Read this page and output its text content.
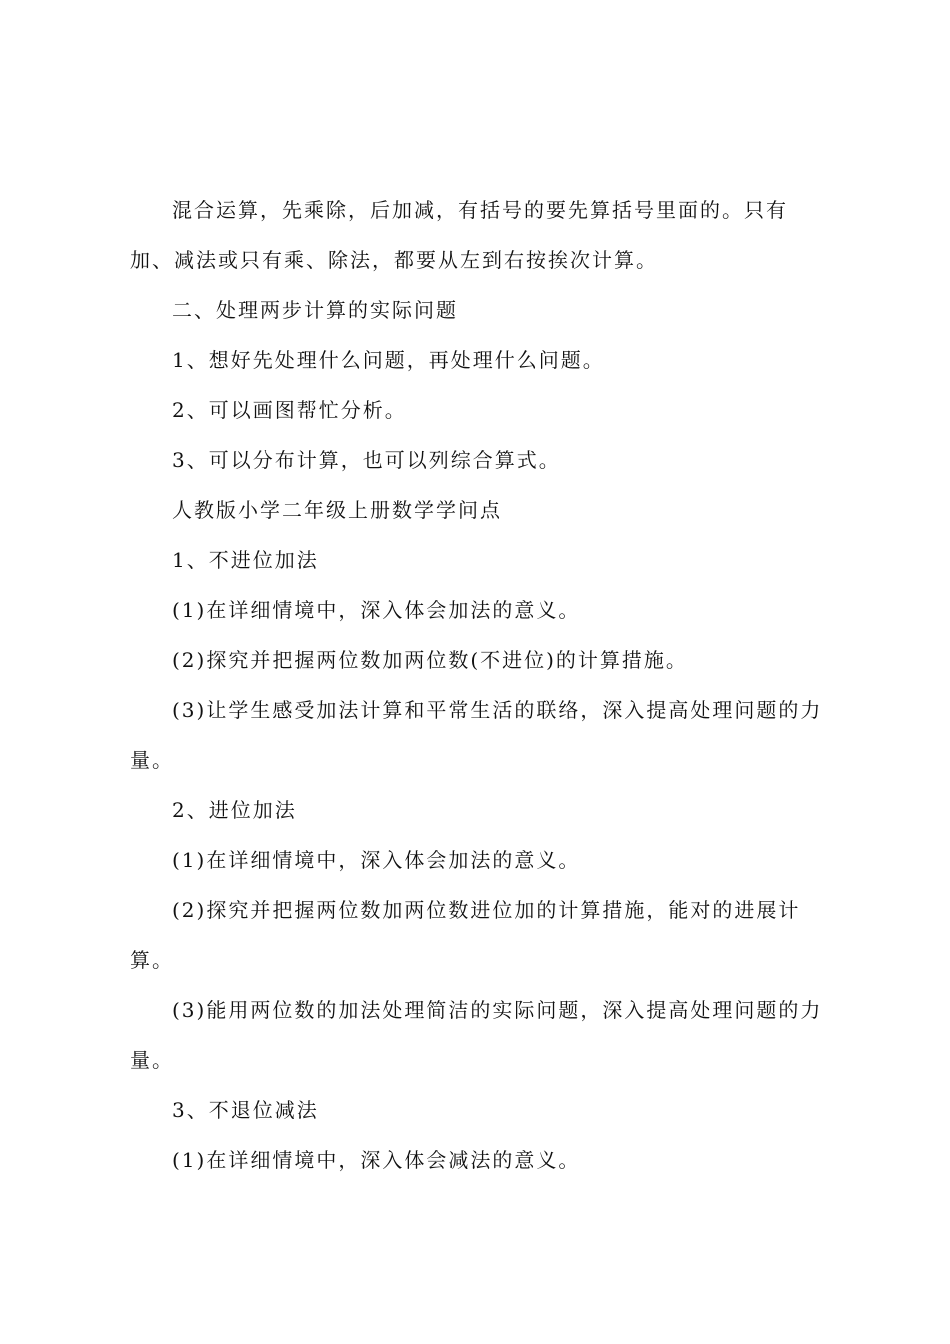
混合运算，先乘除，后加减，有括号的要先算括号里面的。只有
加、减法或只有乘、除法，都要从左到右按挨次计算。
二、处理两步计算的实际问题
1、想好先处理什么问题，再处理什么问题。
2、可以画图帮忙分析。
3、可以分布计算，也可以列综合算式。
人教版小学二年级上册数学学问点
1、不进位加法
(1)在详细情境中，深入体会加法的意义。
(2)探究并把握两位数加两位数(不进位)的计算措施。
(3)让学生感受加法计算和平常生活的联络，深入提高处理问题的力
量。
2、进位加法
(1)在详细情境中，深入体会加法的意义。
(2)探究并把握两位数加两位数进位加的计算措施，能对的进展计
算。
(3)能用两位数的加法处理简洁的实际问题，深入提高处理问题的力
量。
3、不退位减法
(1)在详细情境中，深入体会减法的意义。
